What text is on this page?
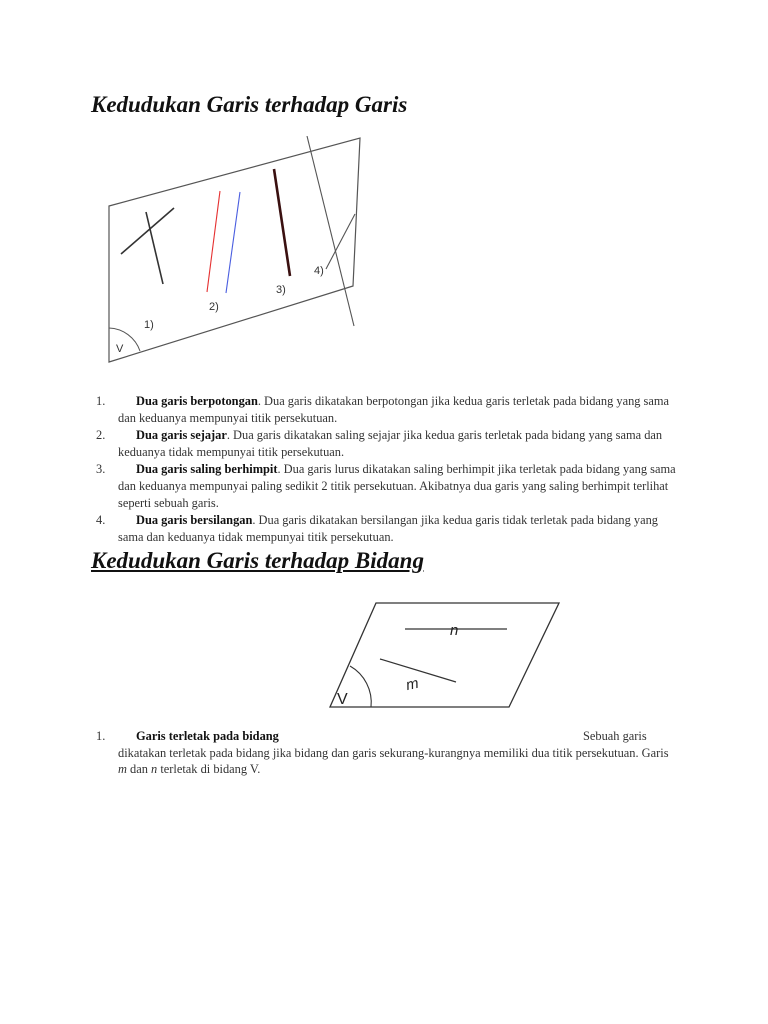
Kedudukan Garis terhadap Garis
V
1)
2)
3)
4)
1. Dua garis berpotongan. Dua garis dikatakan berpotongan jika kedua garis terletak pada bidang yang sama dan keduanya mempunyai titik persekutuan.
2. Dua garis sejajar. Dua garis dikatakan saling sejajar jika kedua garis terletak pada bidang yang sama dan keduanya tidak mempunyai titik persekutuan.
3. Dua garis saling berhimpit. Dua garis lurus dikatakan saling berhimpit jika terletak pada bidang yang sama dan keduanya mempunyai paling sedikit 2 titik persekutuan. Akibatnya dua garis yang saling berhimpit terlihat seperti sebuah garis.
4. Dua garis bersilangan. Dua garis dikatakan bersilangan jika kedua garis tidak terletak pada bidang yang sama dan keduanya tidak mempunyai titik persekutuan.
Kedudukan Garis terhadap Bidang
V
n
m
1. Garis terletak pada bidang	Sebuah garis dikatakan terletak pada bidang jika bidang dan garis sekurang-kurangnya memiliki dua titik persekutuan. Garis m dan n terletak di bidang V.
